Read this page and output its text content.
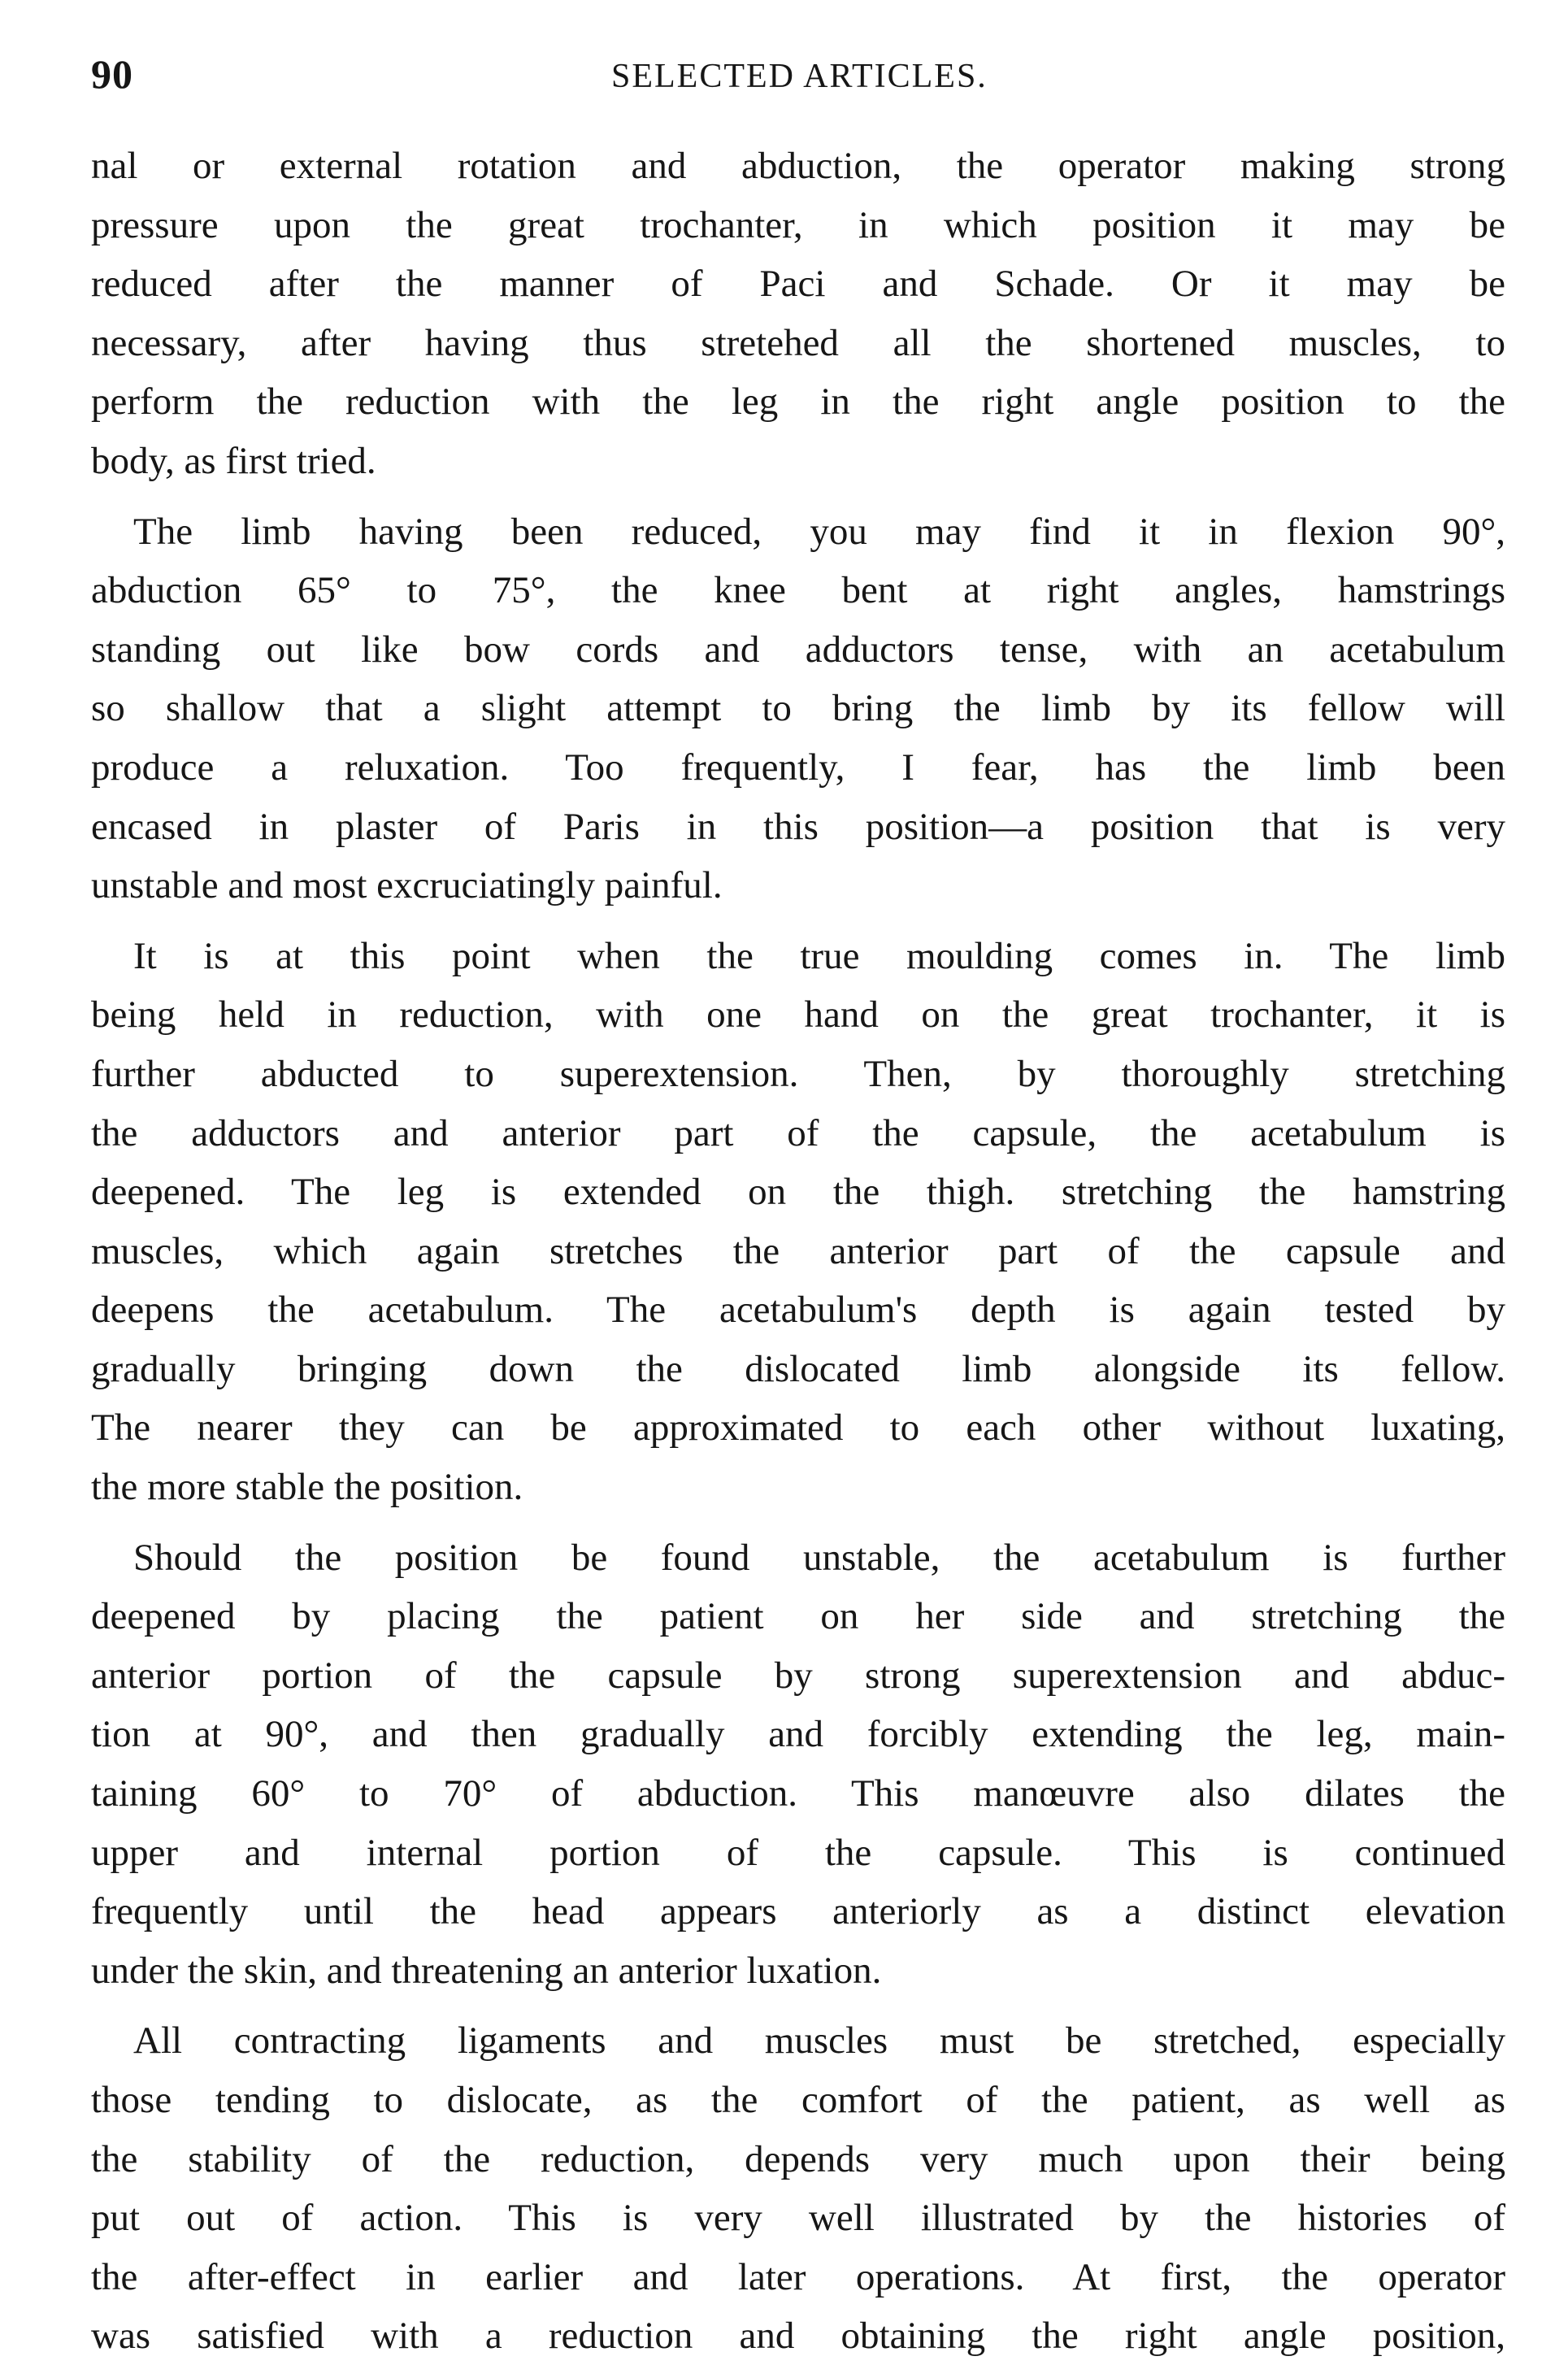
90	SELECTED ARTICLES.

nal or external rotation and abduction, the operator making strong
pressure upon the great trochanter, in which position it may be
reduced after the manner of Paci and Schade. Or it may be
necessary, after having thus stretehed all the shortened muscles, to
perform the reduction with the leg in the right angle position to the
body, as first tried.

The limb having been reduced, you may find it in flexion 90°,
abduction 65° to 75°, the knee bent at right angles, hamstrings
standing out like bow cords and adductors tense, with an acetabulum
so shallow that a slight attempt to bring the limb by its fellow will
produce a reluxation. Too frequently, I fear, has the limb been
encased in plaster of Paris in this position—a position that is very
unstable and most excruciatingly painful.

It is at this point when the true moulding comes in. The limb
being held in reduction, with one hand on the great trochanter, it is
further abducted to superextension. Then, by thoroughly stretching
the adductors and anterior part of the capsule, the acetabulum is
deepened. The leg is extended on the thigh. stretching the hamstring
muscles, which again stretches the anterior part of the capsule and
deepens the acetabulum. The acetabulum's depth is again tested by
gradually bringing down the dislocated limb alongside its fellow.
The nearer they can be approximated to each other without luxating,
the more stable the position.

Should the position be found unstable, the acetabulum is further
deepened by placing the patient on her side and stretching the
anterior portion of the capsule by strong superextension and abduc-
tion at 90°, and then gradually and forcibly extending the leg, main-
taining 60° to 70° of abduction. This manœuvre also dilates the
upper and internal portion of the capsule. This is continued
frequently until the head appears anteriorly as a distinct elevation
under the skin, and threatening an anterior luxation.

All contracting ligaments and muscles must be stretched, especially
those tending to dislocate, as the comfort of the patient, as well as
the stability of the reduction, depends very much upon their being
put out of action. This is very well illustrated by the histories of
the after-effect in earlier and later operations. At first, the operator
was satisfied with a reduction and obtaining the right angle position,
